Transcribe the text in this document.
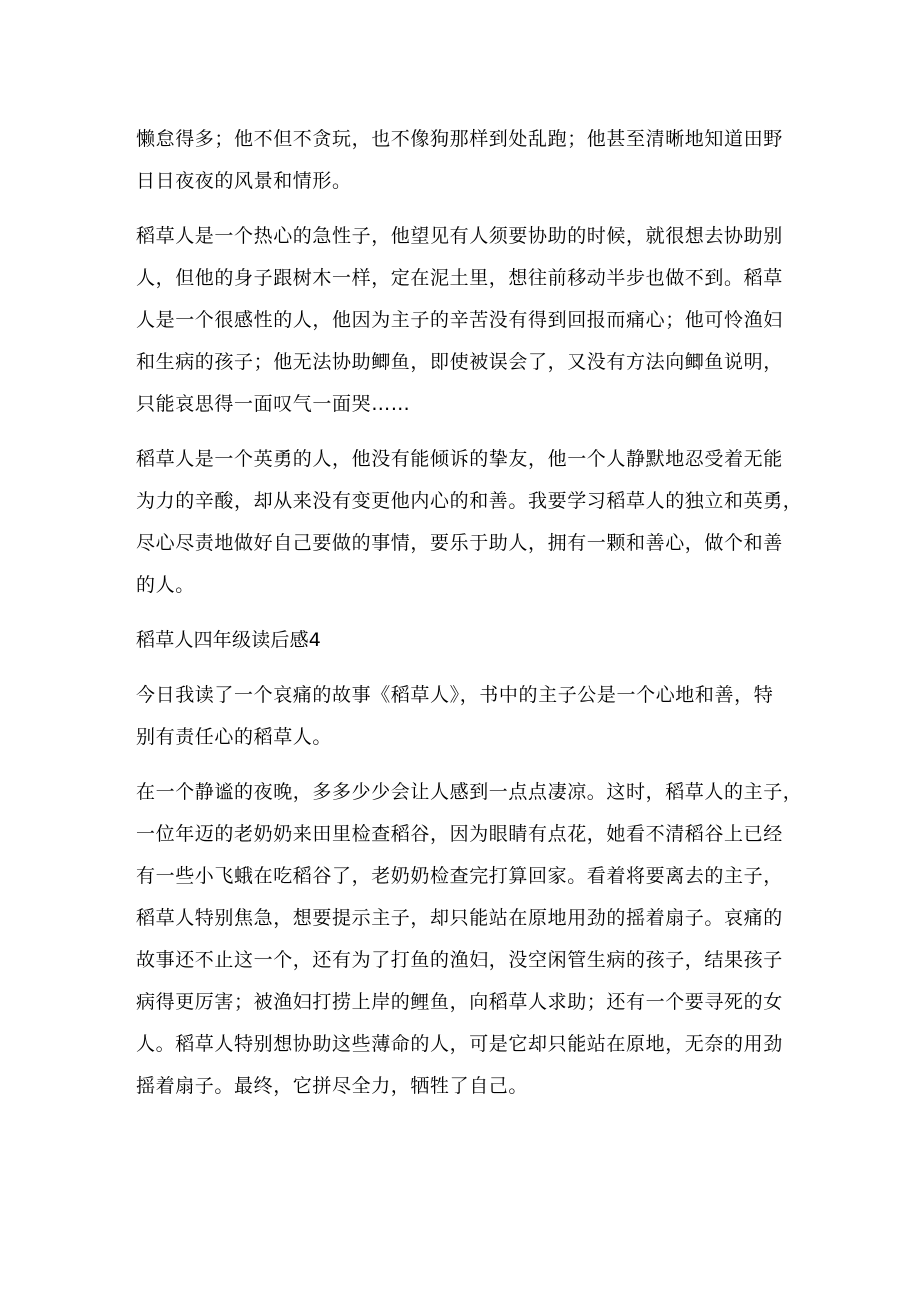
懒怠得多；他不但不贪玩，也不像狗那样到处乱跑；他甚至清晰地知道田野
日日夜夜的风景和情形。

稻草人是一个热心的急性子，他望见有人须要协助的时候，就很想去协助别
人，但他的身子跟树木一样，定在泥土里，想往前移动半步也做不到。稻草
人是一个很感性的人，他因为主子的辛苦没有得到回报而痛心；他可怜渔妇
和生病的孩子；他无法协助鲫鱼，即使被误会了，又没有方法向鲫鱼说明，
只能哀思得一面叹气一面哭……

稻草人是一个英勇的人，他没有能倾诉的挚友，他一个人静默地忍受着无能
为力的辛酸，却从来没有变更他内心的和善。我要学习稻草人的独立和英勇，
尽心尽责地做好自己要做的事情，要乐于助人，拥有一颗和善心，做个和善
的人。

稻草人四年级读后感4

今日我读了一个哀痛的故事《稻草人》，书中的主子公是一个心地和善，特
别有责任心的稻草人。

在一个静谧的夜晚，多多少少会让人感到一点点凄凉。这时，稻草人的主子，
一位年迈的老奶奶来田里检查稻谷，因为眼睛有点花，她看不清稻谷上已经
有一些小飞蛾在吃稻谷了，老奶奶检查完打算回家。看着将要离去的主子，
稻草人特别焦急，想要提示主子，却只能站在原地用劲的摇着扇子。哀痛的
故事还不止这一个，还有为了打鱼的渔妇，没空闲管生病的孩子，结果孩子
病得更厉害；被渔妇打捞上岸的鲤鱼，向稻草人求助；还有一个要寻死的女
人。稻草人特别想协助这些薄命的人，可是它却只能站在原地，无奈的用劲
摇着扇子。最终，它拼尽全力，牺牲了自己。
